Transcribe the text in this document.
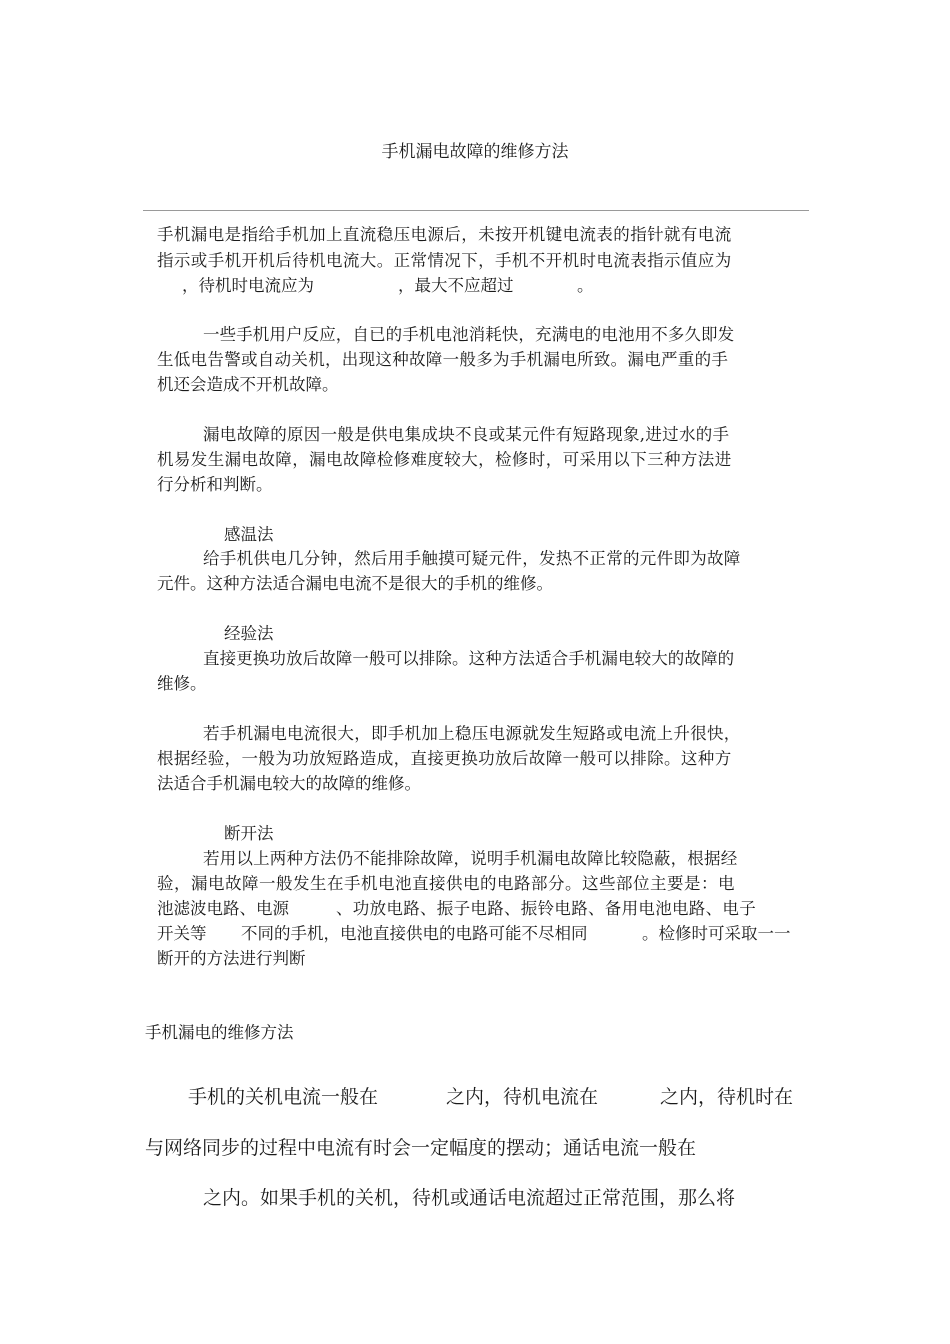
手机漏电故障的维修方法
手机漏电是指给手机加上直流稳压电源后，未按开机键电流表的指针就有电流
指示或手机开机后待机电流大。正常情况下，手机不开机时电流表指示值应为
，待机时电流应为	，最大不应超过	。
一些手机用户反应，自已的手机电池消耗快，充满电的电池用不多久即发
生低电告警或自动关机，出现这种故障一般多为手机漏电所致。漏电严重的手
机还会造成不开机故障。
漏电故障的原因一般是供电集成块不良或某元件有短路现象,进过水的手
机易发生漏电故障，漏电故障检修难度较大，检修时，可采用以下三种方法进
行分析和判断。
感温法
给手机供电几分钟，然后用手触摸可疑元件，发热不正常的元件即为故障
元件。这种方法适合漏电电流不是很大的手机的维修。
经验法
直接更换功放后故障一般可以排除。这种方法适合手机漏电较大的故障的
维修。
若手机漏电电流很大，即手机加上稳压电源就发生短路或电流上升很快，
根据经验，一般为功放短路造成，直接更换功放后故障一般可以排除。这种方
法适合手机漏电较大的故障的维修。
断开法
若用以上两种方法仍不能排除故障，说明手机漏电故障比较隐蔽，根据经
验，漏电故障一般发生在手机电池直接供电的电路部分。这些部位主要是：电
池滤波电路、电源	、功放电路、振子电路、振铃电路、备用电池电路、电子
开关等 不同的手机，电池直接供电的电路可能不尽相同	。检修时可采取一一
断开的方法进行判断
手机漏电的维修方法
手机的关机电流一般在	之内，待机电流在	之内，待机时在
与网络同步的过程中电流有时会一定幅度的摆动；通话电流一般在
之内。如果手机的关机，待机或通话电流超过正常范围，那么将
